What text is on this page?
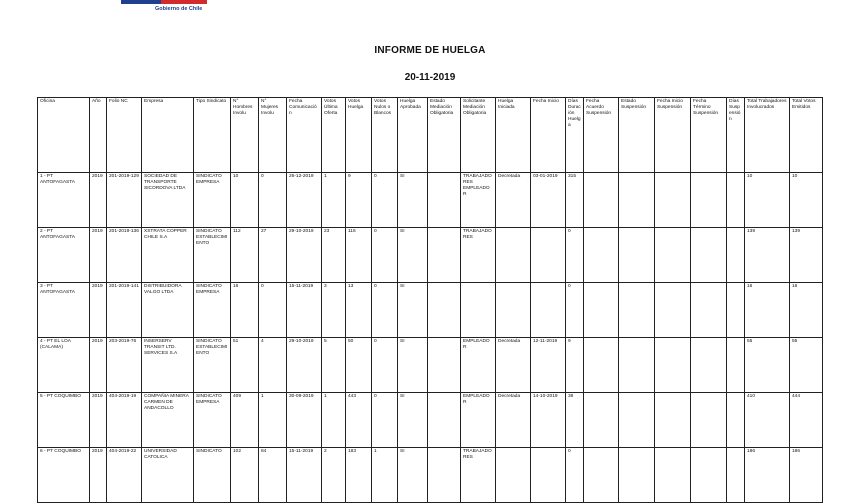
Gobierno de Chile
INFORME DE HUELGA
20-11-2019
Oficina	Año	Folio NC	Empresa	Tipo Sindicato	N° Hombres Involu	N° Mujeres Involu	Fecha Comunicación	Votos Última Oferta	Votos Huelga	Votos Nulos o Blancos	Huelga Aprobada	Estado Mediación Obligatoria	Solicitante Mediación Obligatoria	Huelga Iniciada	Fecha Inicio	Días Duración Huelga	Fecha Acuerdo Suspensión	Estado Suspensión	Fecha Inicio Suspensión	Fecha Término Suspensión	Días Suspensión	Total Trabajadores Involucrados	Total Votos Emitidos
1 - PT ANTOFAGASTA	2019	201-2019-129	SOCIEDAD DE TRANSPORTE SICORDOVA LTDA	SINDICATO EMPRESA	10	0	26-12-2019	1	9	0	SI		TRABAJADORES EMPLEADOR	Decretada	03-01-2019	315						10	10
2 - PT ANTOFAGASTA	2019	201-2019-136	XSTRATA COPPER CHILE S.A	SINDICATO ESTABLECIMIENTO	112	27	29-10-2019	23	116	0	SI		TRABAJADORES			0						139	139
3 - PT ANTOFAGASTA	2019	201-2019-141	DISTRIBUIDORA VALGO LTDA	SINDICATO EMPRESA	16	0	15-11-2019	3	13	0	SI					0						16	16
4 - PT EL LOA (CALAMA)	2019	203-2019-76	INSERSERV TRANSIT LTD. SERVICES S.A	SINDICATO ESTABLECIMIENTO	51	4	29-10-2019	5	50	0	SI		EMPLEADOR	Decretada	12-11-2019	9						55	55
5 - PT COQUIMBO	2019	404-2019-19	COMPAÑIA MINERA CARMEN DE ANDACOLLO	SINDICATO EMPRESA	409	1	30-09-2019	1	443	0	SI		EMPLEADOR	Decretada	14-10-2019	38						410	444
6 - PT COQUIMBO	2019	404-2019-22	UNIVERSIDAD CATOLICA	SINDICATO	102	84	15-11-2019	2	183	1	SI		TRABAJADORES			0						186	186
